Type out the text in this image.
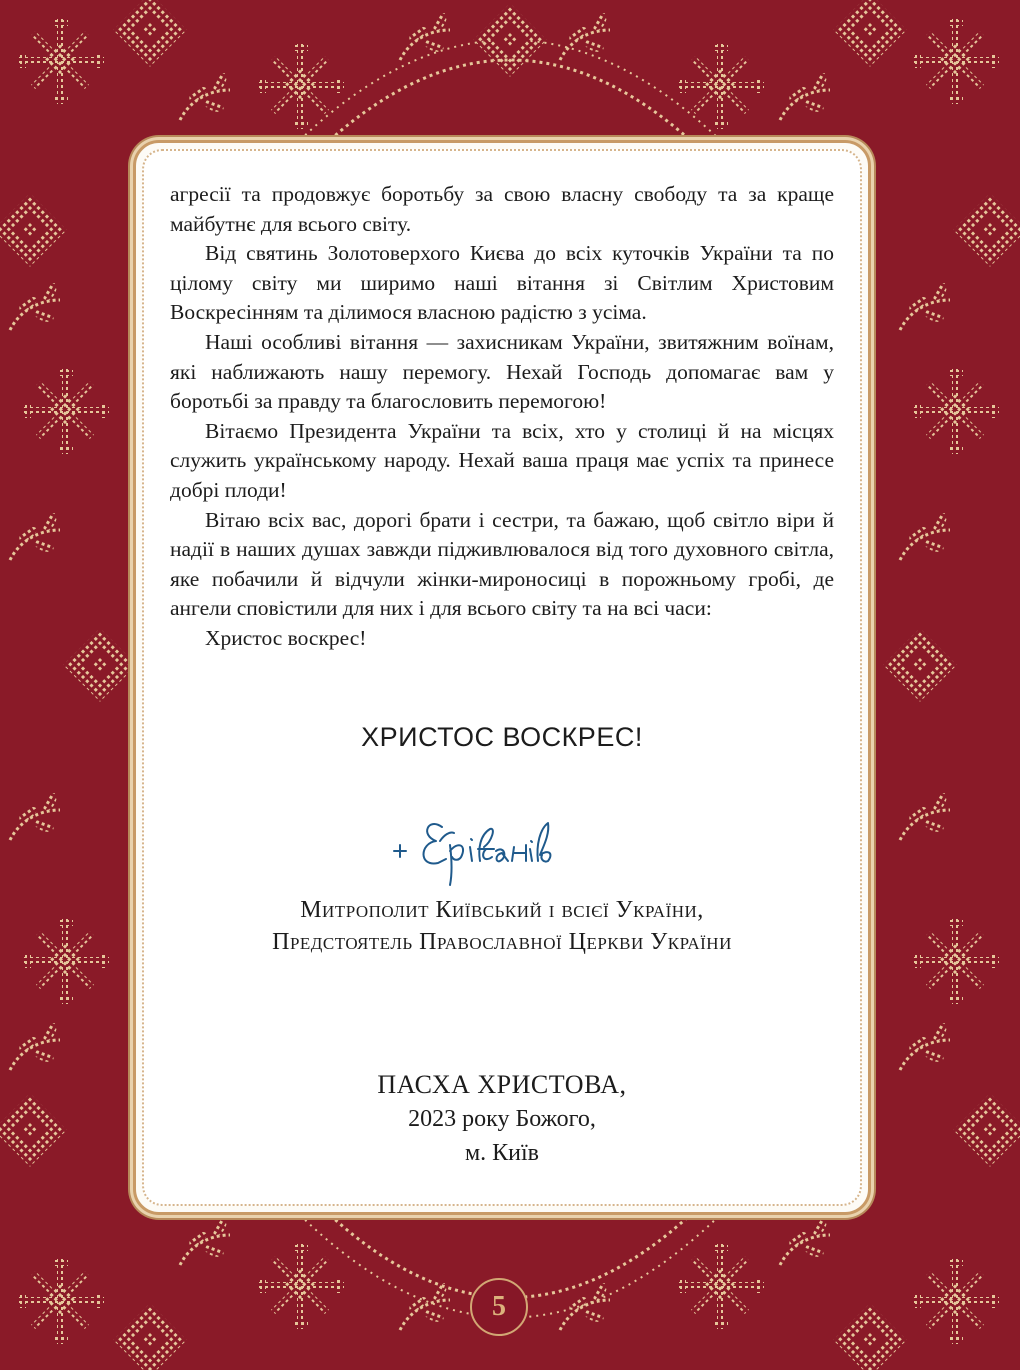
агресії та продовжує боротьбу за свою власну свободу та за краще майбутнє для всього світу.

Від святинь Золотоверхого Києва до всіх куточків України та по цілому світу ми ширимо наші вітання зі Світлим Христовим Воскресінням та ділимося власною радістю з усіма.

Наші особливі вітання — захисникам України, звитяжним воїнам, які наближають нашу перемогу. Нехай Господь допомагає вам у боротьбі за правду та благословить перемогою!

Вітаємо Президента України та всіх, хто у столиці й на місцях служить українському народу. Нехай ваша праця має успіх та принесе добрі плоди!

Вітаю всіх вас, дорогі брати і сестри, та бажаю, щоб світло віри й надії в наших душах завжди підживлювалося від того духовного світла, яке побачили й відчули жінки-мироносиці в порожньому гробі, де ангели сповістили для них і для всього світу та на всі часи:

Христос воскрес!

ХРИСТОС ВОСКРЕС!
Митрополит Київський і всієї України,
Предстоятель Православної Церкви України
ПАСХА ХРИСТОВА,
2023 року Божого,
м. Київ
5
